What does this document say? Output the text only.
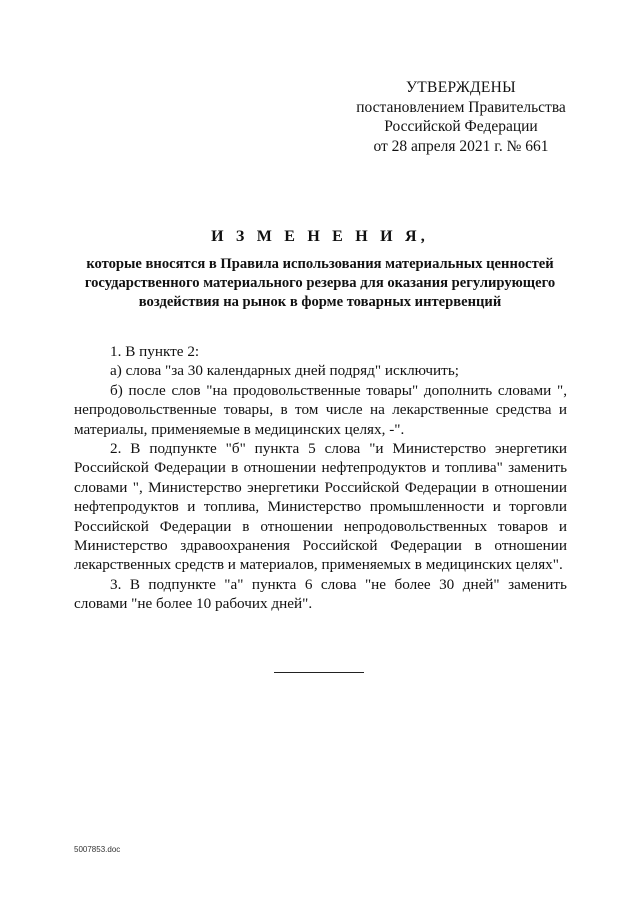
УТВЕРЖДЕНЫ
постановлением Правительства
Российской Федерации
от 28 апреля 2021 г. № 661
И З М Е Н Е Н И Я,
которые вносятся в Правила использования материальных ценностей государственного материального резерва для оказания регулирующего воздействия на рынок в форме товарных интервенций

1. В пункте 2:

а) слова "за 30 календарных дней подряд" исключить;

б) после слов "на продовольственные товары" дополнить словами ", непродовольственные товары, в том числе на лекарственные средства и материалы, применяемые в медицинских целях, -".

2. В подпункте "б" пункта 5 слова "и Министерство энергетики Российской Федерации в отношении нефтепродуктов и топлива" заменить словами ", Министерство энергетики Российской Федерации в отношении нефтепродуктов и топлива, Министерство промышленности и торговли Российской Федерации в отношении непродовольственных товаров и Министерство здравоохранения Российской Федерации в отношении лекарственных средств и материалов, применяемых в медицинских целях".

3. В подпункте "а" пункта 6 слова "не более 30 дней" заменить словами "не более 10 рабочих дней".

5007853.doc
